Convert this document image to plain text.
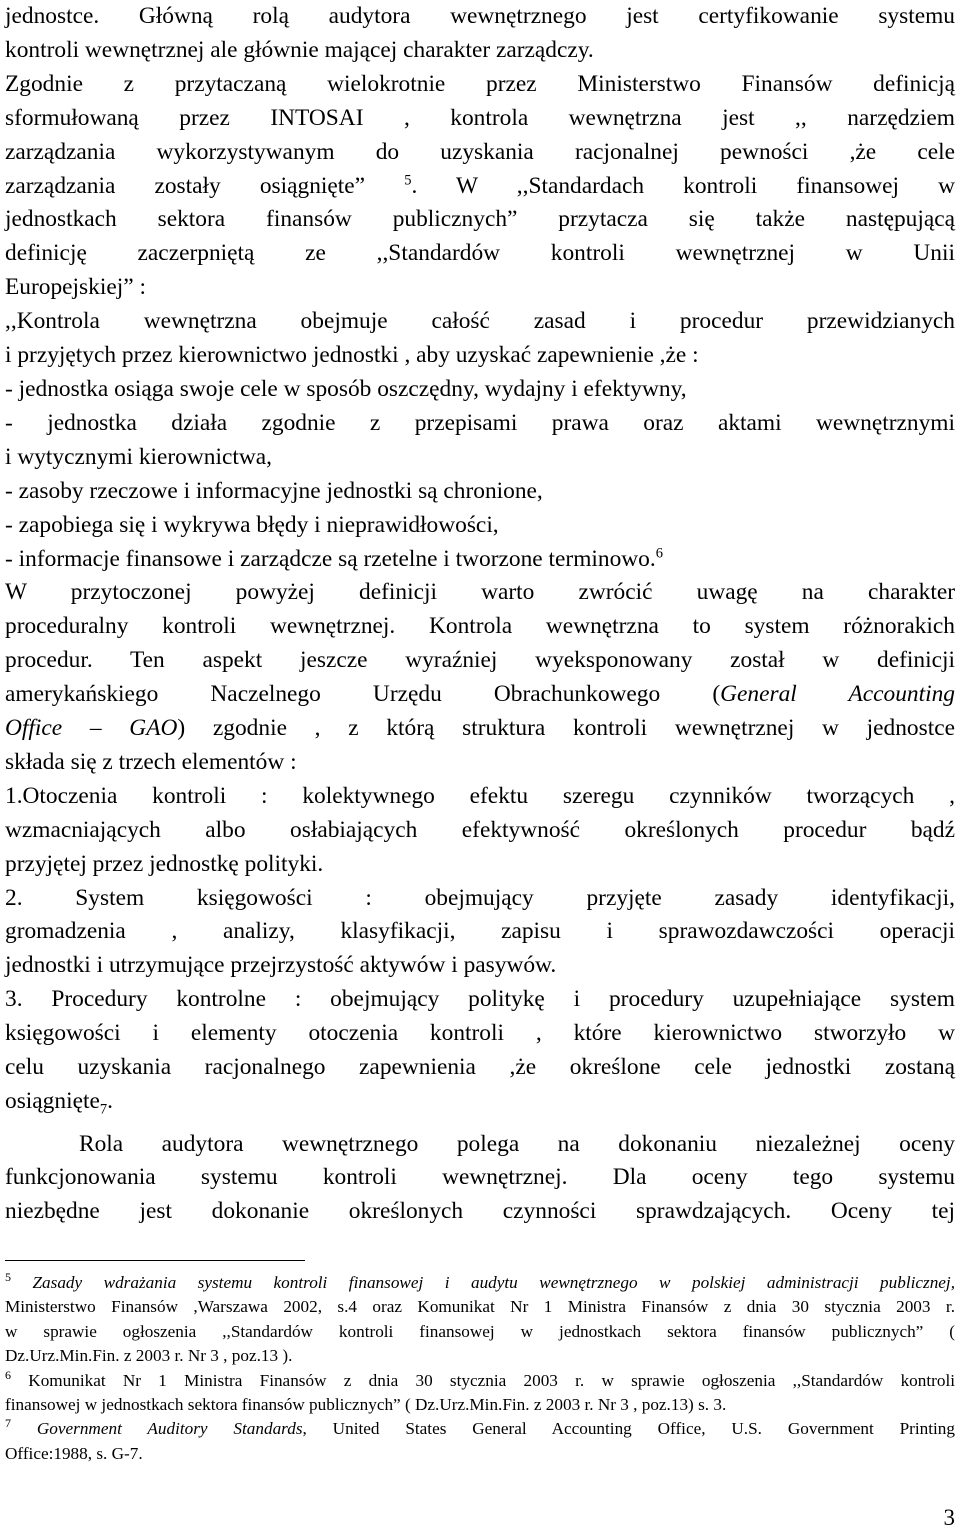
jednostce. Główną rolą audytora wewnętrznego jest certyfikowanie systemu
kontroli wewnętrznej ale głównie mającej charakter zarządczy.
Zgodnie z przytaczaną wielokrotnie przez Ministerstwo Finansów definicją
sformułowaną przez INTOSAI , kontrola wewnętrzna jest ,, narzędziem
zarządzania wykorzystywanym do uzyskania racjonalnej pewności ,że cele
zarządzania zostały osiągnięte”	$^5$. W ,,Standardach kontroli finansowej w
jednostkach sektora finansów publicznych” przytacza się także następującą
definicję zaczerpniętą ze ,,Standardów kontroli wewnętrznej w Unii
Europejskiej” :
,,Kontrola wewnętrzna obejmuje całość zasad i procedur przewidzianych
i przyjętych przez kierownictwo jednostki , aby uzyskać zapewnienie ,że :
- jednostka osiąga swoje cele w sposób oszczędny, wydajny i efektywny,
- jednostka działa zgodnie z przepisami prawa oraz aktami wewnętrznymi
i wytycznymi kierownictwa,
- zasoby rzeczowe i informacyjne jednostki są chronione,
- zapobiega się i wykrywa błędy i nieprawidłowości,
- informacje finansowe i zarządcze są rzetelne i tworzone terminowo.$^6$
W przytoczonej powyżej definicji warto zwrócić uwagę na charakter
proceduralny kontroli wewnętrznej. Kontrola wewnętrzna to system różnorakich
procedur. Ten aspekt jeszcze wyraźniej wyeksponowany został w definicji
amerykańskiego Naczelnego Urzędu Obrachunkowego (General Accounting
Office – GAO) zgodnie , z którą struktura kontroli wewnętrznej w jednostce
składa się z trzech elementów :
1.Otoczenia kontroli : kolektywnego efektu szeregu czynników tworzących ,
wzmacniających albo osłabiających efektywność określonych procedur bądź
przyjętej przez jednostkę polityki.
2. System księgowości : obejmujący przyjęte zasady identyfikacji,
gromadzenia , analizy, klasyfikacji, zapisu i sprawozdawczości operacji
jednostki i utrzymujące przejrzystość aktywów i pasywów.
3. Procedury kontrolne : obejmujący politykę i procedury uzupełniające system
księgowości i elementy otoczenia kontroli , które kierownictwo stworzyło w
celu uzyskania racjonalnego zapewnienia ,że określone cele jednostki zostaną
osiągnięte$_7$.
Rola audytora wewnętrznego polega na dokonaniu niezależnej oceny
funkcjonowania systemu kontroli wewnętrznej. Dla oceny tego systemu
niezbędne jest dokonanie określonych czynności sprawdzających. Oceny tej
$^5$ Zasady wdrażania systemu kontroli finansowej i audytu wewnętrznego w polskiej administracji publicznej,
Ministerstwo Finansów ,Warszawa 2002, s.4 oraz Komunikat Nr 1 Ministra Finansów z dnia 30 stycznia 2003 r.
w sprawie ogłoszenia ,,Standardów kontroli finansowej w jednostkach sektora finansów publicznych” (
Dz.Urz.Min.Fin. z 2003 r. Nr 3 , poz.13 ).
$^6$ Komunikat Nr 1 Ministra Finansów z dnia 30 stycznia 2003 r. w sprawie ogłoszenia ,,Standardów kontroli
finansowej w jednostkach sektora finansów publicznych” ( Dz.Urz.Min.Fin. z 2003 r. Nr 3 , poz.13) s. 3.
$^7$ Government Auditory Standards, United States General Accounting Office, U.S. Government Printing
Office:1988, s. G-7.
3
